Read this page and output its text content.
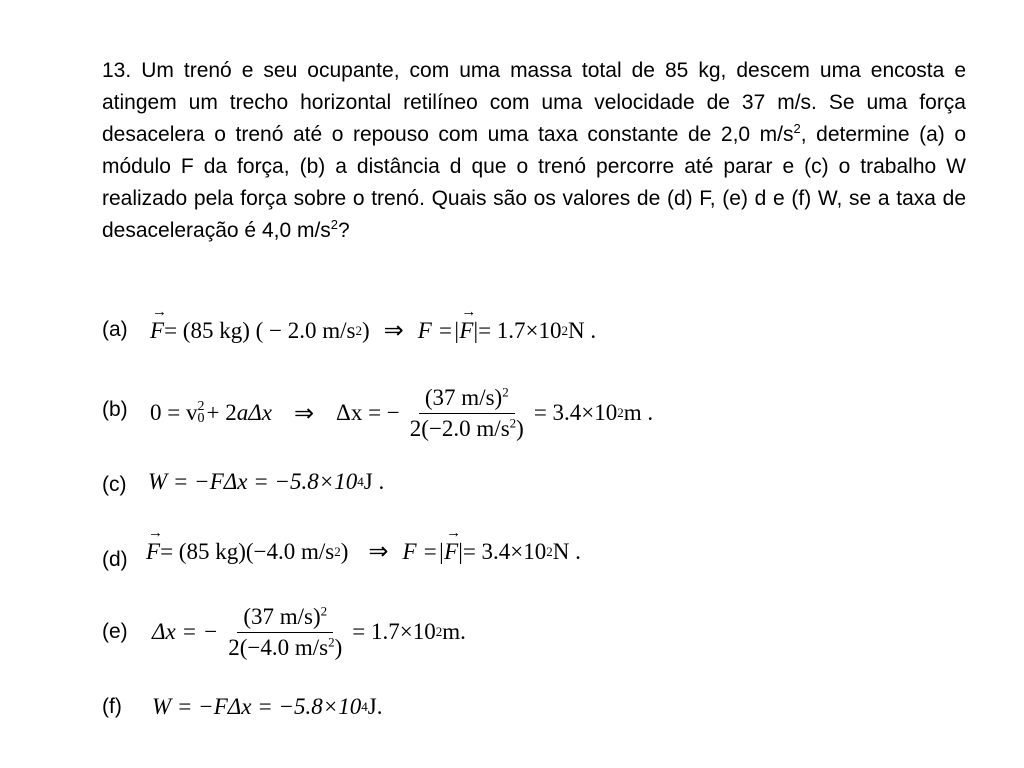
13. Um trenó e seu ocupante, com uma massa total de 85 kg, descem uma encosta e atingem um trecho horizontal retilíneo com uma velocidade de 37 m/s. Se uma força desacelera o trenó até o repouso com uma taxa constante de 2,0 $m/s^2$, determine (a) o módulo F da força, (b) a distância d que o trenó percorre até parar e (c) o trabalho W realizado pela força sobre o trenó. Quais são os valores de (d) F, (e) d e (f) W, se a taxa de desaceleração é 4,0 $m/s^2$?
(a) → F = (85 kg) ( − 2.0 m/s 2 ) ⇒ F =| → F |= 1.7×10 2 N .
(b) 0 = v 2
0 + 2 a Δx ⇒ Δx = − $\frac{(37 m/s)^2}{2(-2.0 m/s^2)} = 3.4\times 10$ 2 m .
(c) W = −FΔx = −5.8×10 4 J .
(d) → F = (85 kg)(−4.0 m/s 2 ) ⇒ F =| → F |= 3.4×10 2 N .
(e) Δx = − $\frac{(37 m/s)^2}{2(-4.0 m/s^2)} = 1.7\times 10$ 2 m.
(f) W = −FΔx = −5.8×10 4 J.
